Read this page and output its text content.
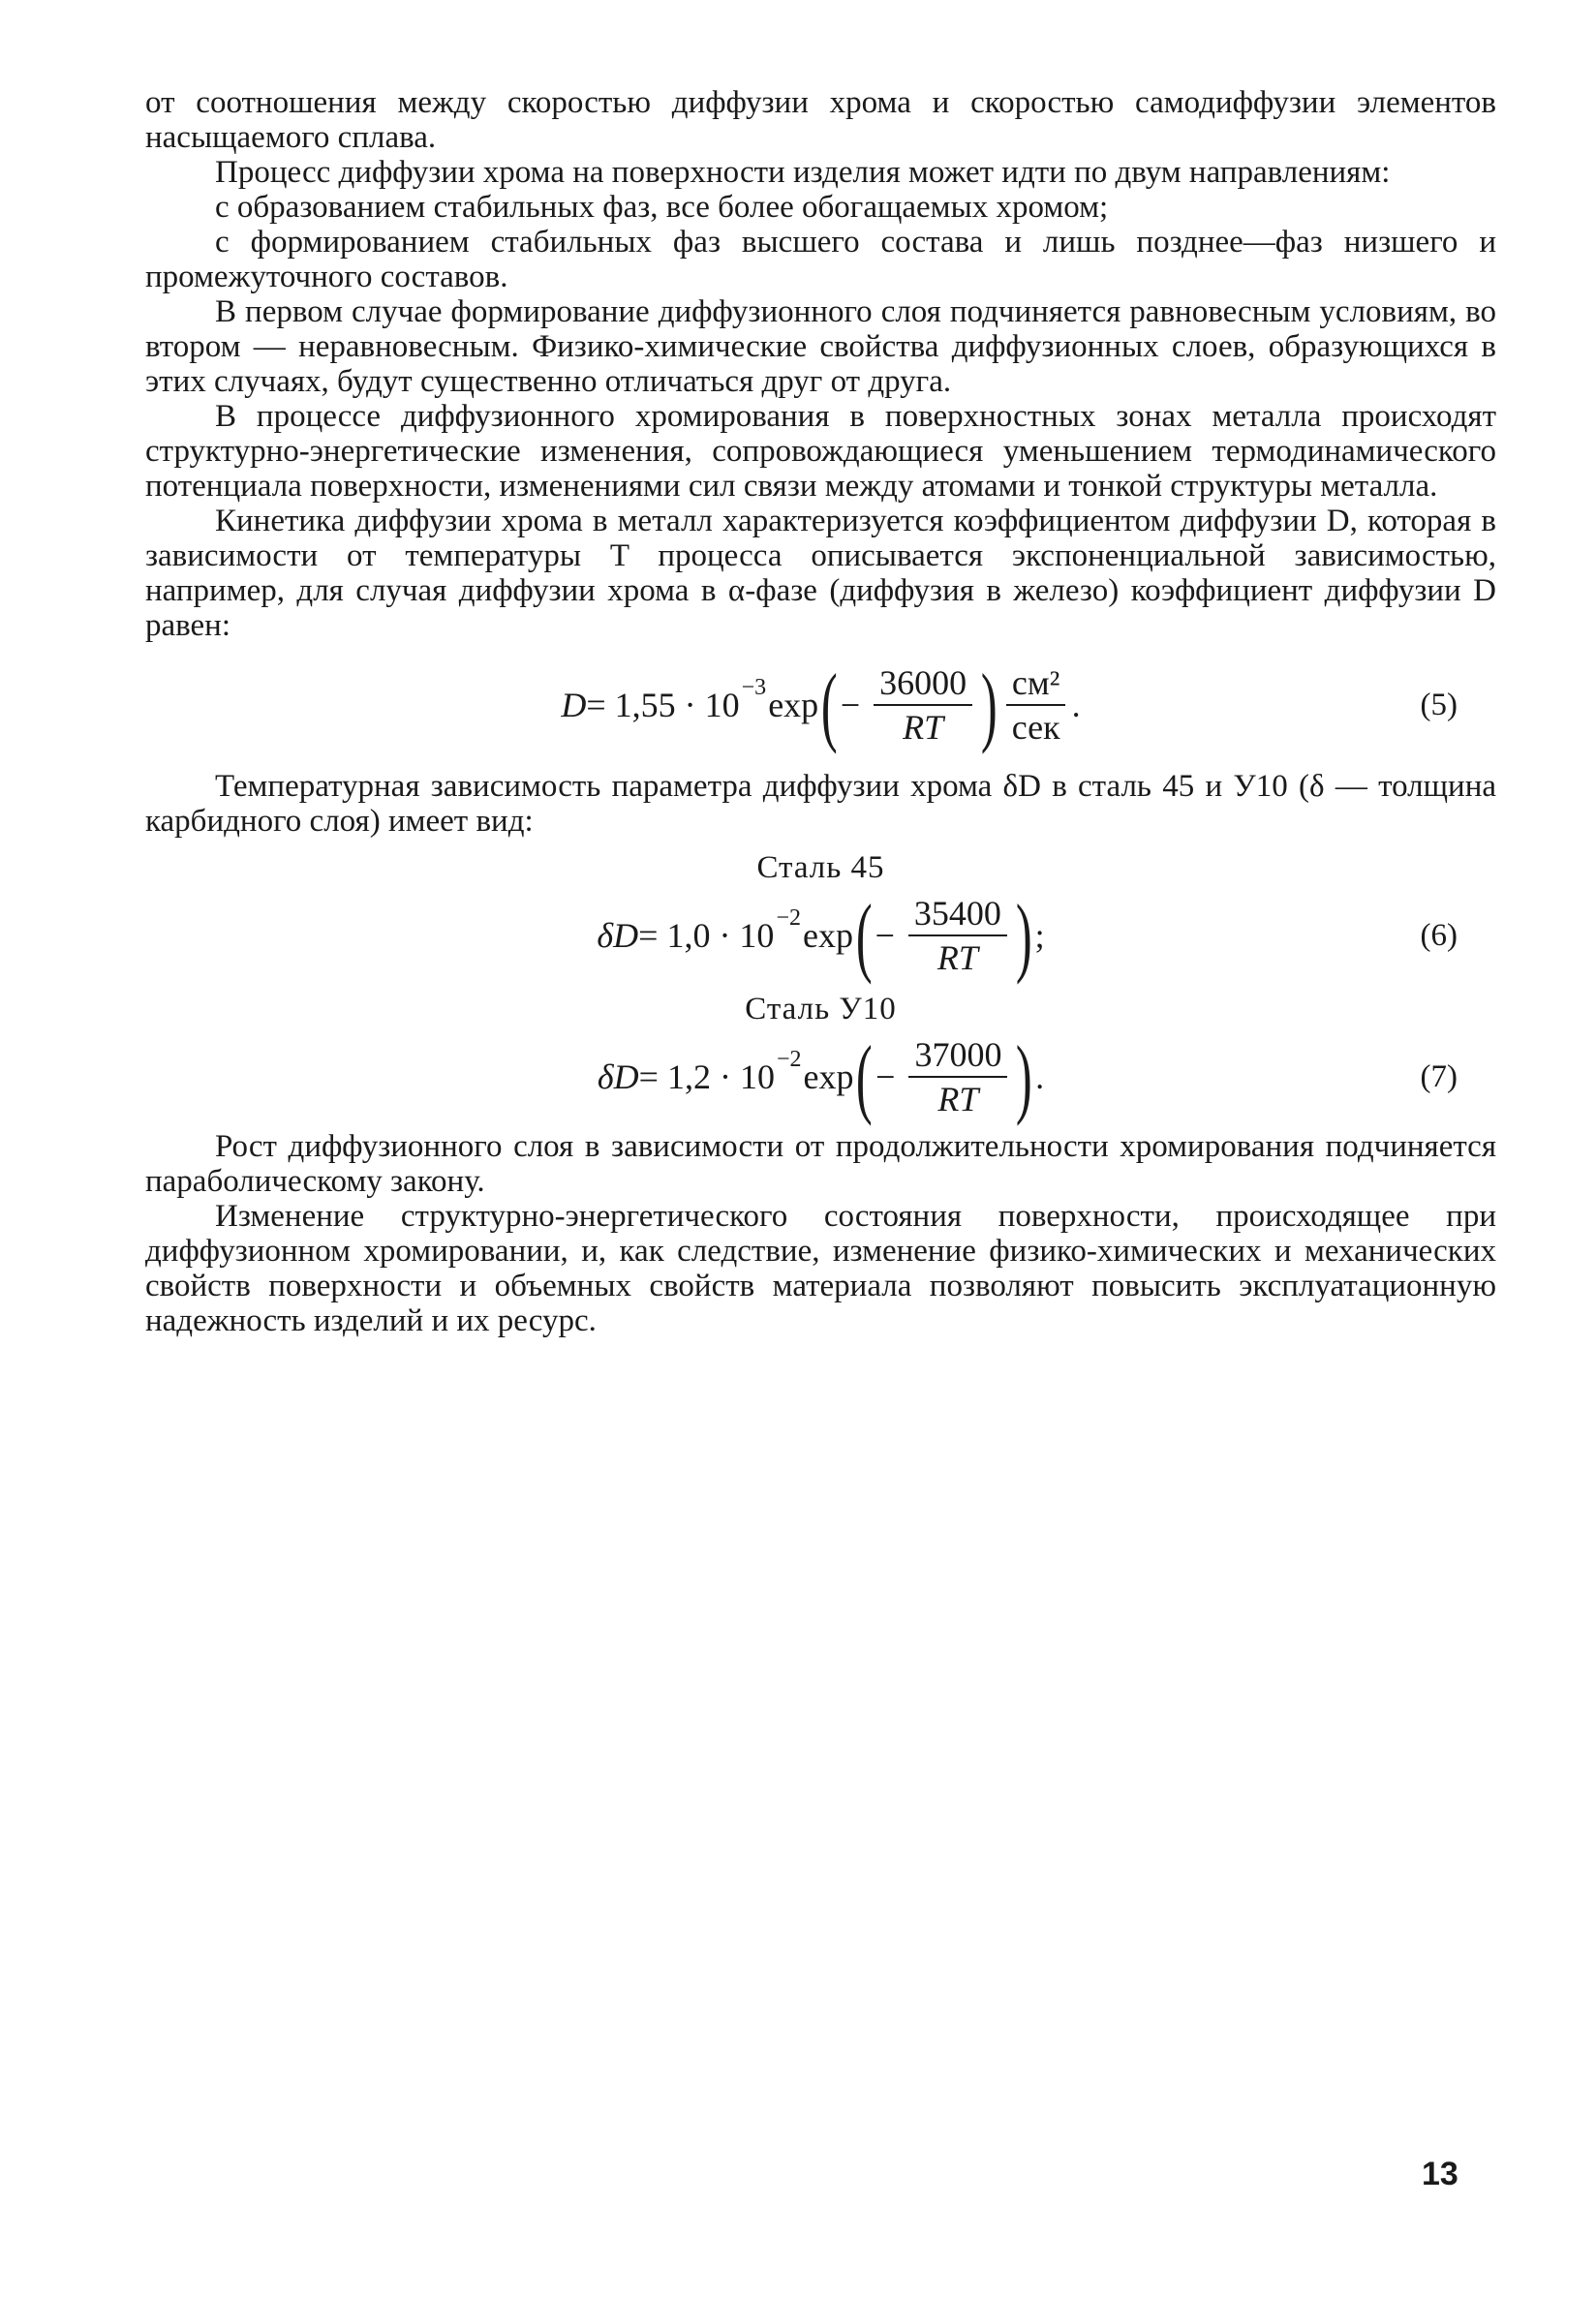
от соотношения между скоростью диффузии хрома и скоростью самодиффузии элементов насыщаемого сплава.

Процесс диффузии хрома на поверхности изделия может идти по двум направлениям:

с образованием стабильных фаз, все более обогащаемых хромом;

с формированием стабильных фаз высшего состава и лишь позднее—фаз низшего и промежуточного составов.

В первом случае формирование диффузионного слоя подчиняется равновесным условиям, во втором — неравновесным. Физико-химические свойства диффузионных слоев, образующихся в этих случаях, будут существенно отличаться друг от друга.

В процессе диффузионного хромирования в поверхностных зонах металла происходят структурно-энергетические изменения, сопровождающиеся уменьшением термодинамического потенциала поверхности, изменениями сил связи между атомами и тонкой структуры металла.

Кинетика диффузии хрома в металл характеризуется коэффициентом диффузии D, которая в зависимости от температуры T процесса описывается экспоненциальной зависимостью, например, для случая диффузии хрома в α-фазе (диффузия в железо) коэффициент диффузии D равен:

D = 1,55 · 10 −3 exp ( − $\frac{36000}{RT}$ ) $\frac{\text{см²}}{\text{сек}}$ .	(5)

Температурная зависимость параметра диффузии хрома δD в сталь 45 и У10 (δ — толщина карбидного слоя) имеет вид:

Сталь 45
δD = 1,0 · 10 −2 exp ( − $\frac{35400}{RT}$ ) ;	(6)
Сталь У10
δD = 1,2 · 10 −2 exp ( − $\frac{37000}{RT}$ ) .	(7)

Рост диффузионного слоя в зависимости от продолжительности хромирования подчиняется параболическому закону.

Изменение структурно-энергетического состояния поверхности, происходящее при диффузионном хромировании, и, как следствие, изменение физико-химических и механических свойств поверхности и объемных свойств материала позволяют повысить эксплуатационную надежность изделий и их ресурс.

13
